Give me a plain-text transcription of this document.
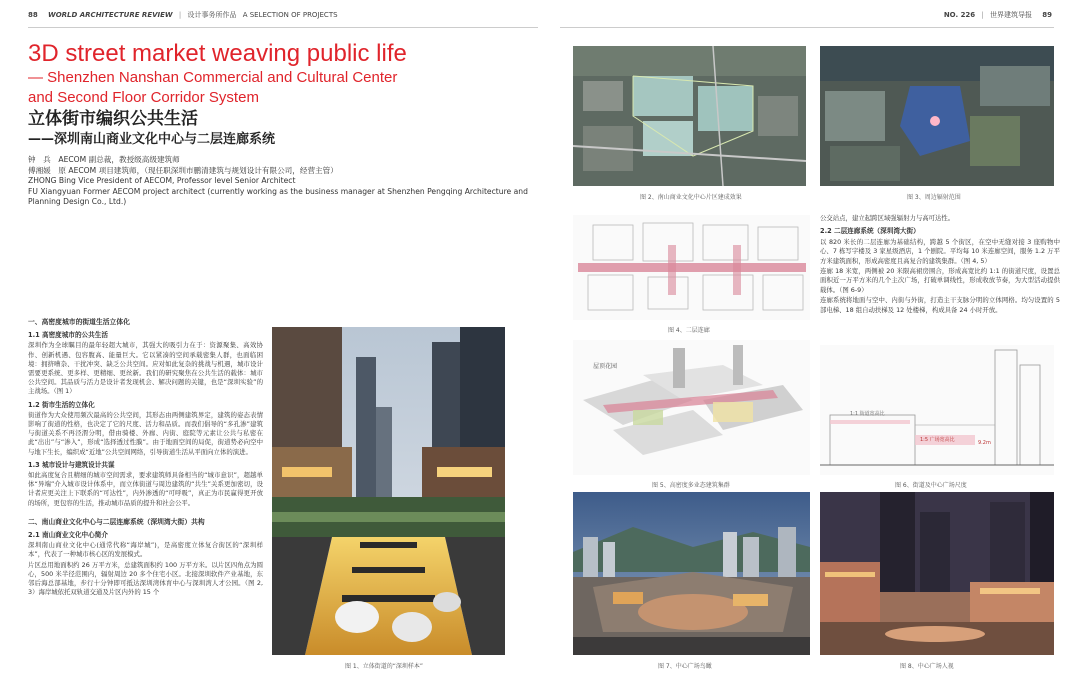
88 WORLD ARCHITECTURE REVIEW | 设计事务所作品 A SELECTION OF PROJECTS	NO. 226 | 世界建筑导报 89
3D street market weaving public life
— Shenzhen Nanshan Commercial and Cultural Center
and Second Floor Corridor System
立体街市编织公共生活
——深圳南山商业文化中心与二层连廊系统
钟　兵　AECOM 副总裁，教授级高级建筑师
傅湘媛　原 AECOM 项目建筑师，（现任职深圳市鹏清建筑与规划设计有限公司，经营主管）
ZHONG Bing Vice President of AECOM, Professor level Senior Architect
FU Xiangyuan Former AECOM project architect (currently working as the business manager at Shenzhen Pengqing Architecture and Planning Design Co., Ltd.)
一、高密度城市的街道生活立体化
1.1 高密度城市的公共生活

深圳作为全球瞩目的最年轻超大城市，其强大的吸引力在于：资源聚集、高效协作、创新机遇、包容腹高、能量巨大。它以紧凑的空间承载密集人群，也面临困境：拥挤嘈杂、干扰冲突、缺乏公共空间。应对如此复杂的挑战与机遇，城市设计需要更系统、更多样、更精细、更丝新。我们的研究聚焦在公共生活的载体：城市公共空间。其品质与活力是设计者发现机会、解决问题的关键，也是“深圳实验”的主战场。（图 1）

1.2 街市生活的立体化

街道作为大众使用频次最高的公共空间，其形态由两侧建筑界定，建筑的姿态表情影响了街道的性格，也决定了它的尺度、活力和品质。而我们倡导的“多孔渗”建筑与街道关系不再泾渭分明，借由骑楼、外廊、内街、庭院等元素让公共与私密在此“出出”与“渗入”，形成“选择透过性膜”。由于地面空间的局促，街道势必向空中与地下生长，编织成“近地”公共空间网络，引导街道生活从平面向立体的演进。

1.3 城市设计与建筑设计共谋

如此高度复合且精细的城市空间需求，要求建筑师具备相当的“城市意识”，超越单体“异端”介入城市设计体系中，而立体街道与周边建筑的“共生”关系更加密切，设计者应更关注上下联系的“可达性”，内外渗透的“可呼吸”，真正为市民赢得更开放的场所，更包容的生活，推动城市品质的提升和社会公平。

二、南山商业文化中心与二层连廊系统（深圳湾大街）共构
2.1 南山商业文化中心简介

深圳南山商业文化中心(通常代称“海岸城”)，是高密度立体复合街区的“深圳样本”，代表了一种城市核心区的发展模式。

片区总用地面积约 26 万平方米，总建筑面积约 100 万平方米。以片区四角点为圆心，500 米半径范围内，辐射周边 20 多个住宅小区。北接深圳软件产业基地，东邻后海总部基地，步行十分钟即可抵达深圳湾体育中心与深圳湾人才公园。（图 2, 3）海岸城依托双轨道交通及片区内外的 15 个

图 1、立体街道的“深圳样本”
图 2、南山商业文化中心片区建成效果	图 3、周边辐射范围

公交站点，建立起跨区域强辐射力与高可达性。

2.2 二层连廊系统（深圳湾大街）

以 820 米长的二层连廊为基础结构，跨越 5 个街区，在空中无缝对接 3 座购物中心、7 栋写字楼及 3 家星级酒店，1 个剧院。平均每 10 米连廊空间，服务 1.2 万平方米建筑面积，形成高密度且高复合的建筑集群。（图 4, 5）

连廊 18 米宽，两侧被 20 米限高裙房围合，形成高宽比约 1:1 的街道尺度，设置总面积近一万平方米的几个主次广场，打破单调线性，形成收放节奏，为大型活动提供载体。（图 6-9）

连廊系统将地面与空中、内街与外街，打造主干支脉分明的立体网格。均匀设置的 5 部电梯、18 组自动扶梯及 12 处楼梯，构成具备 24 小时开放。

图 4、二层连廊
屋顶花园
图 5、高密度多业态建筑集群
1:1 街道宽高比
1:5 广场宽高比	9.2m
图 6、街道及中心广场尺度
图 7、中心广场鸟瞰	图 8、中心广场人视
